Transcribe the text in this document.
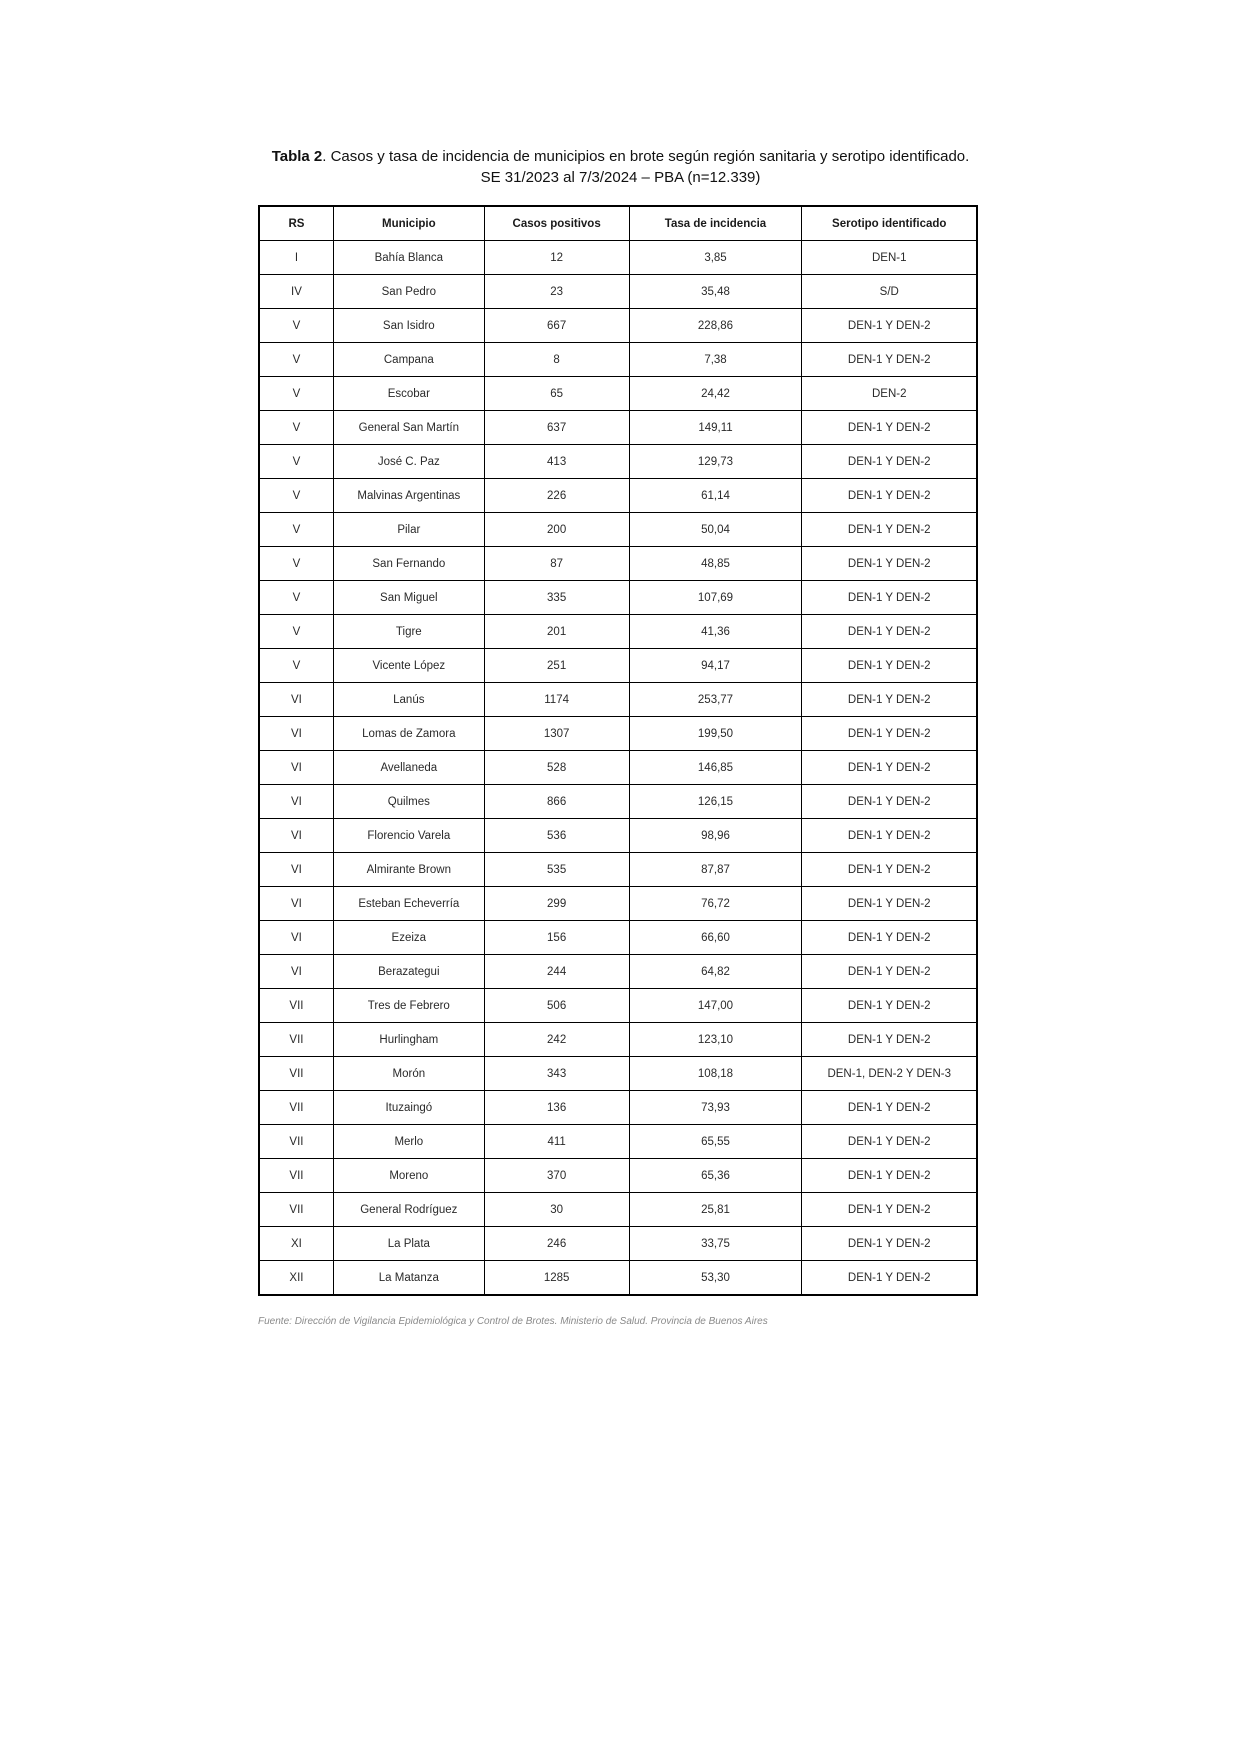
Tabla 2. Casos y tasa de incidencia de municipios en brote según región sanitaria y serotipo identificado.
SE 31/2023 al 7/3/2024 – PBA (n=12.339)
RS	Municipio	Casos positivos	Tasa de incidencia	Serotipo identificado
I	Bahía Blanca	12	3,85	DEN-1
IV	San Pedro	23	35,48	S/D
V	San Isidro	667	228,86	DEN-1 Y DEN-2
V	Campana	8	7,38	DEN-1 Y DEN-2
V	Escobar	65	24,42	DEN-2
V	General San Martín	637	149,11	DEN-1 Y DEN-2
V	José C. Paz	413	129,73	DEN-1 Y DEN-2
V	Malvinas Argentinas	226	61,14	DEN-1 Y DEN-2
V	Pilar	200	50,04	DEN-1 Y DEN-2
V	San Fernando	87	48,85	DEN-1 Y DEN-2
V	San Miguel	335	107,69	DEN-1 Y DEN-2
V	Tigre	201	41,36	DEN-1 Y DEN-2
V	Vicente López	251	94,17	DEN-1 Y DEN-2
VI	Lanús	1174	253,77	DEN-1 Y DEN-2
VI	Lomas de Zamora	1307	199,50	DEN-1 Y DEN-2
VI	Avellaneda	528	146,85	DEN-1 Y DEN-2
VI	Quilmes	866	126,15	DEN-1 Y DEN-2
VI	Florencio Varela	536	98,96	DEN-1 Y DEN-2
VI	Almirante Brown	535	87,87	DEN-1 Y DEN-2
VI	Esteban Echeverría	299	76,72	DEN-1 Y DEN-2
VI	Ezeiza	156	66,60	DEN-1 Y DEN-2
VI	Berazategui	244	64,82	DEN-1 Y DEN-2
VII	Tres de Febrero	506	147,00	DEN-1 Y DEN-2
VII	Hurlingham	242	123,10	DEN-1 Y DEN-2
VII	Morón	343	108,18	DEN-1, DEN-2 Y DEN-3
VII	Ituzaingó	136	73,93	DEN-1 Y DEN-2
VII	Merlo	411	65,55	DEN-1 Y DEN-2
VII	Moreno	370	65,36	DEN-1 Y DEN-2
VII	General Rodríguez	30	25,81	DEN-1 Y DEN-2
XI	La Plata	246	33,75	DEN-1 Y DEN-2
XII	La Matanza	1285	53,30	DEN-1 Y DEN-2
Fuente: Dirección de Vigilancia Epidemiológica y Control de Brotes. Ministerio de Salud. Provincia de Buenos Aires
